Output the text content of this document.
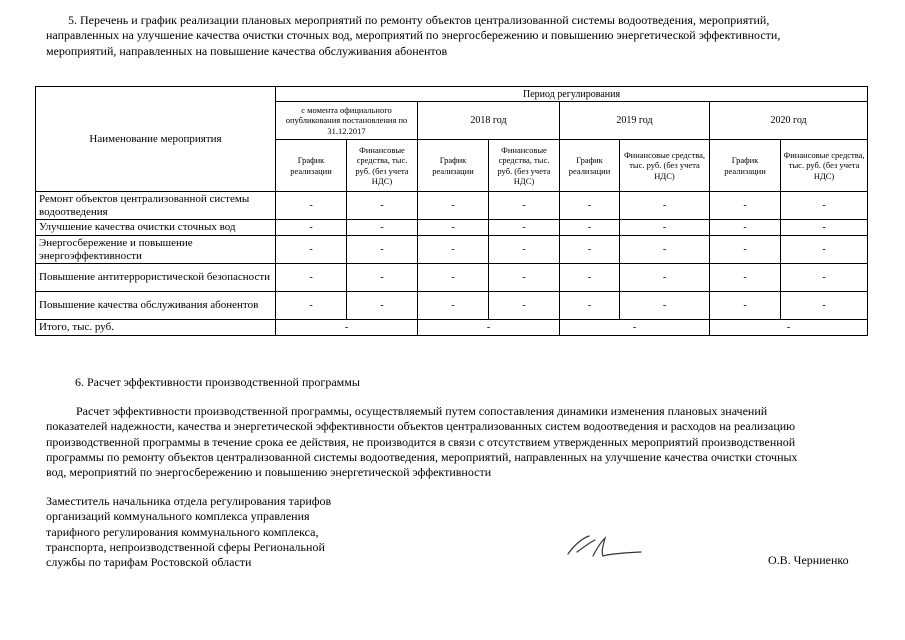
5. Перечень и график реализации плановых мероприятий по ремонту объектов централизованной системы водоотведения, мероприятий,
направленных на улучшение качества очистки сточных вод, мероприятий по энергосбережению и повышению энергетической эффективности,
мероприятий, направленных на повышение качества обслуживания абонентов
Наименование мероприятия	Период регулирования							
	с момента официального опубликования постановления по 31.12.2017		2018 год		2019 год		2020 год	
	График реализации	Финансовые средства, тыс. руб. (без учета НДС)	График реализации	Финансовые средства, тыс. руб. (без учета НДС)	График реализации	Финансовые средства, тыс. руб. (без учета НДС)	График реализации	Финансовые средства, тыс. руб. (без учета НДС)
Ремонт объектов централизованной системы водоотведения	-	-	-	-	-	-	-	-
Улучшение качества очистки сточных вод	-	-	-	-	-	-	-	-
Энергосбережение и повышение энергоэффективности	-	-	-	-	-	-	-	-
Повышение антитеррористической безопасности	-	-	-	-	-	-	-	-
Повышение качества обслуживания абонентов	-	-	-	-	-	-	-	-
Итого, тыс. руб.	-		-		-		-	
6. Расчет эффективности производственной программы
Расчет эффективности производственной программы, осуществляемый путем сопоставления динамики изменения плановых значений
показателей надежности, качества и энергетической эффективности объектов централизованных систем водоотведения и расходов на реализацию
производственной программы в течение срока ее действия, не производится в связи с отсутствием утвержденных мероприятий производственной
программы по ремонту объектов централизованной системы водоотведения, мероприятий, направленных на улучшение качества очистки сточных
вод, мероприятий по энергосбережению и повышению энергетической эффективности
Заместитель начальника отдела регулирования тарифов
организаций коммунального комплекса управления
тарифного регулирования коммунального комплекса,
транспорта, непроизводственной сферы Региональной
службы по тарифам Ростовской области	О.В. Черниенко
